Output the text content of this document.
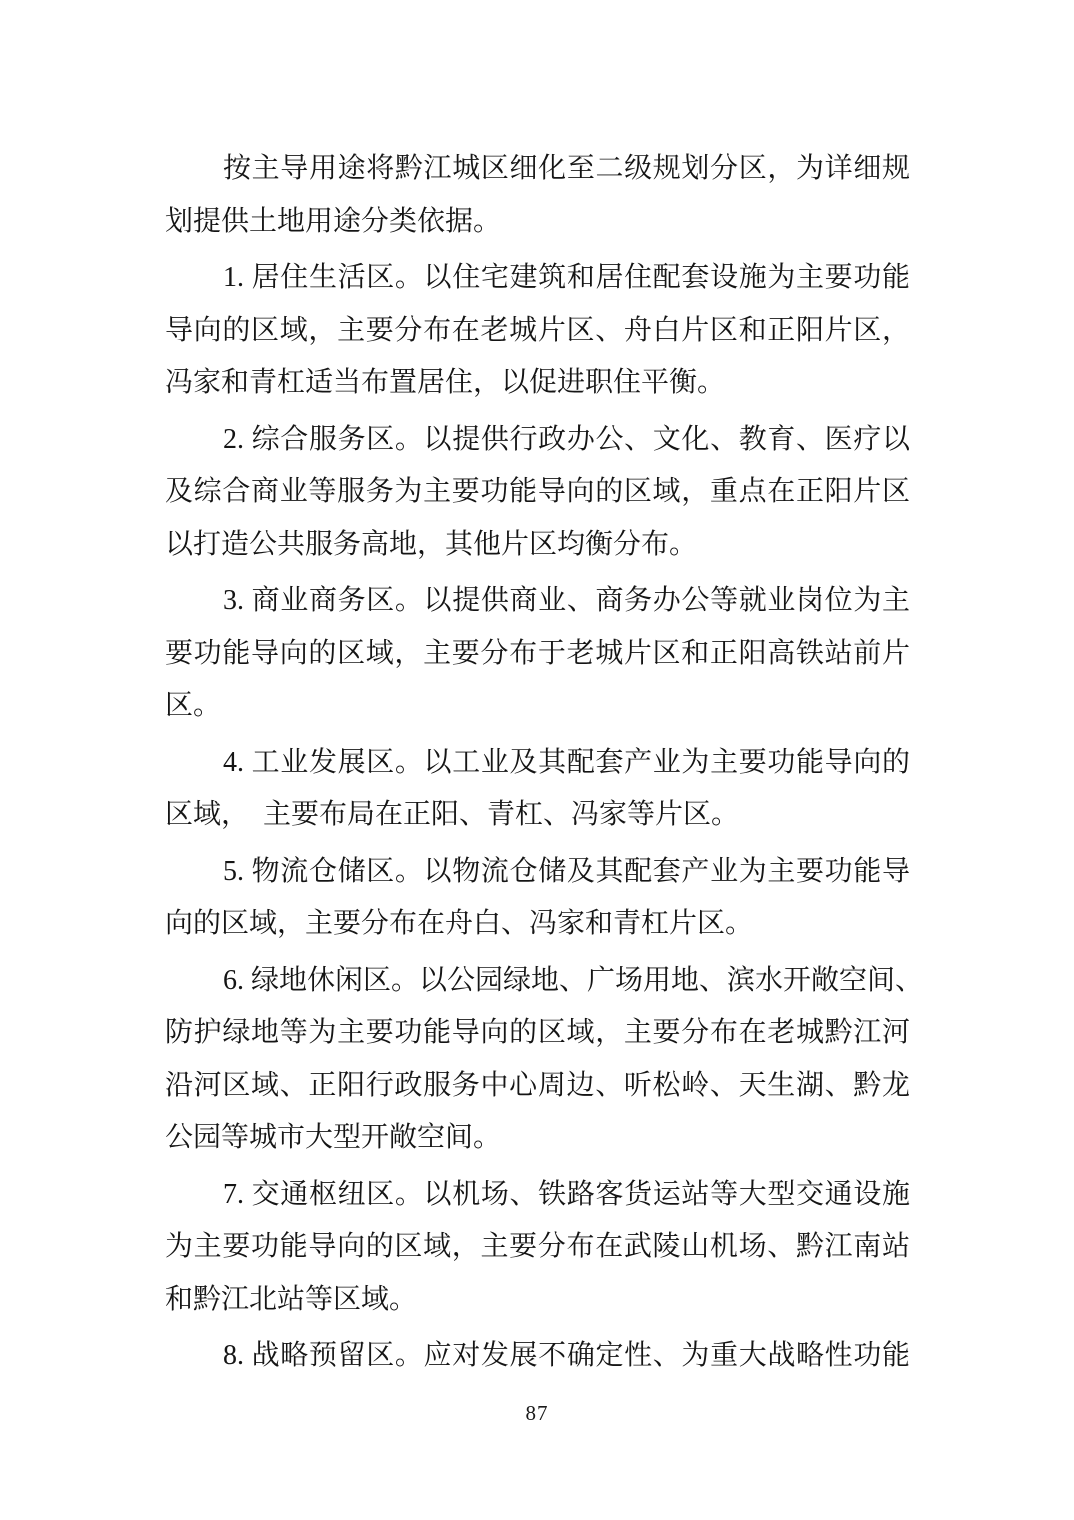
按主导用途将黔江城区细化至二级规划分区，为详细规
划提供土地用途分类依据。
1. 居住生活区。以住宅建筑和居住配套设施为主要功能
导向的区域，主要分布在老城片区、舟白片区和正阳片区，
冯家和青杠适当布置居住，以促进职住平衡。
2. 综合服务区。以提供行政办公、文化、教育、医疗以
及综合商业等服务为主要功能导向的区域，重点在正阳片区
以打造公共服务高地，其他片区均衡分布。
3. 商业商务区。以提供商业、商务办公等就业岗位为主
要功能导向的区域，主要分布于老城片区和正阳高铁站前片
区。
4. 工业发展区。以工业及其配套产业为主要功能导向的
区域，　主要布局在正阳、青杠、冯家等片区。
5. 物流仓储区。以物流仓储及其配套产业为主要功能导
向的区域，主要分布在舟白、冯家和青杠片区。
6. 绿地休闲区。以公园绿地、广场用地、滨水开敞空间、
防护绿地等为主要功能导向的区域，主要分布在老城黔江河
沿河区域、正阳行政服务中心周边、听松岭、天生湖、黔龙
公园等城市大型开敞空间。
7. 交通枢纽区。以机场、铁路客货运站等大型交通设施
为主要功能导向的区域，主要分布在武陵山机场、黔江南站
和黔江北站等区域。
8. 战略预留区。应对发展不确定性、为重大战略性功能
87
